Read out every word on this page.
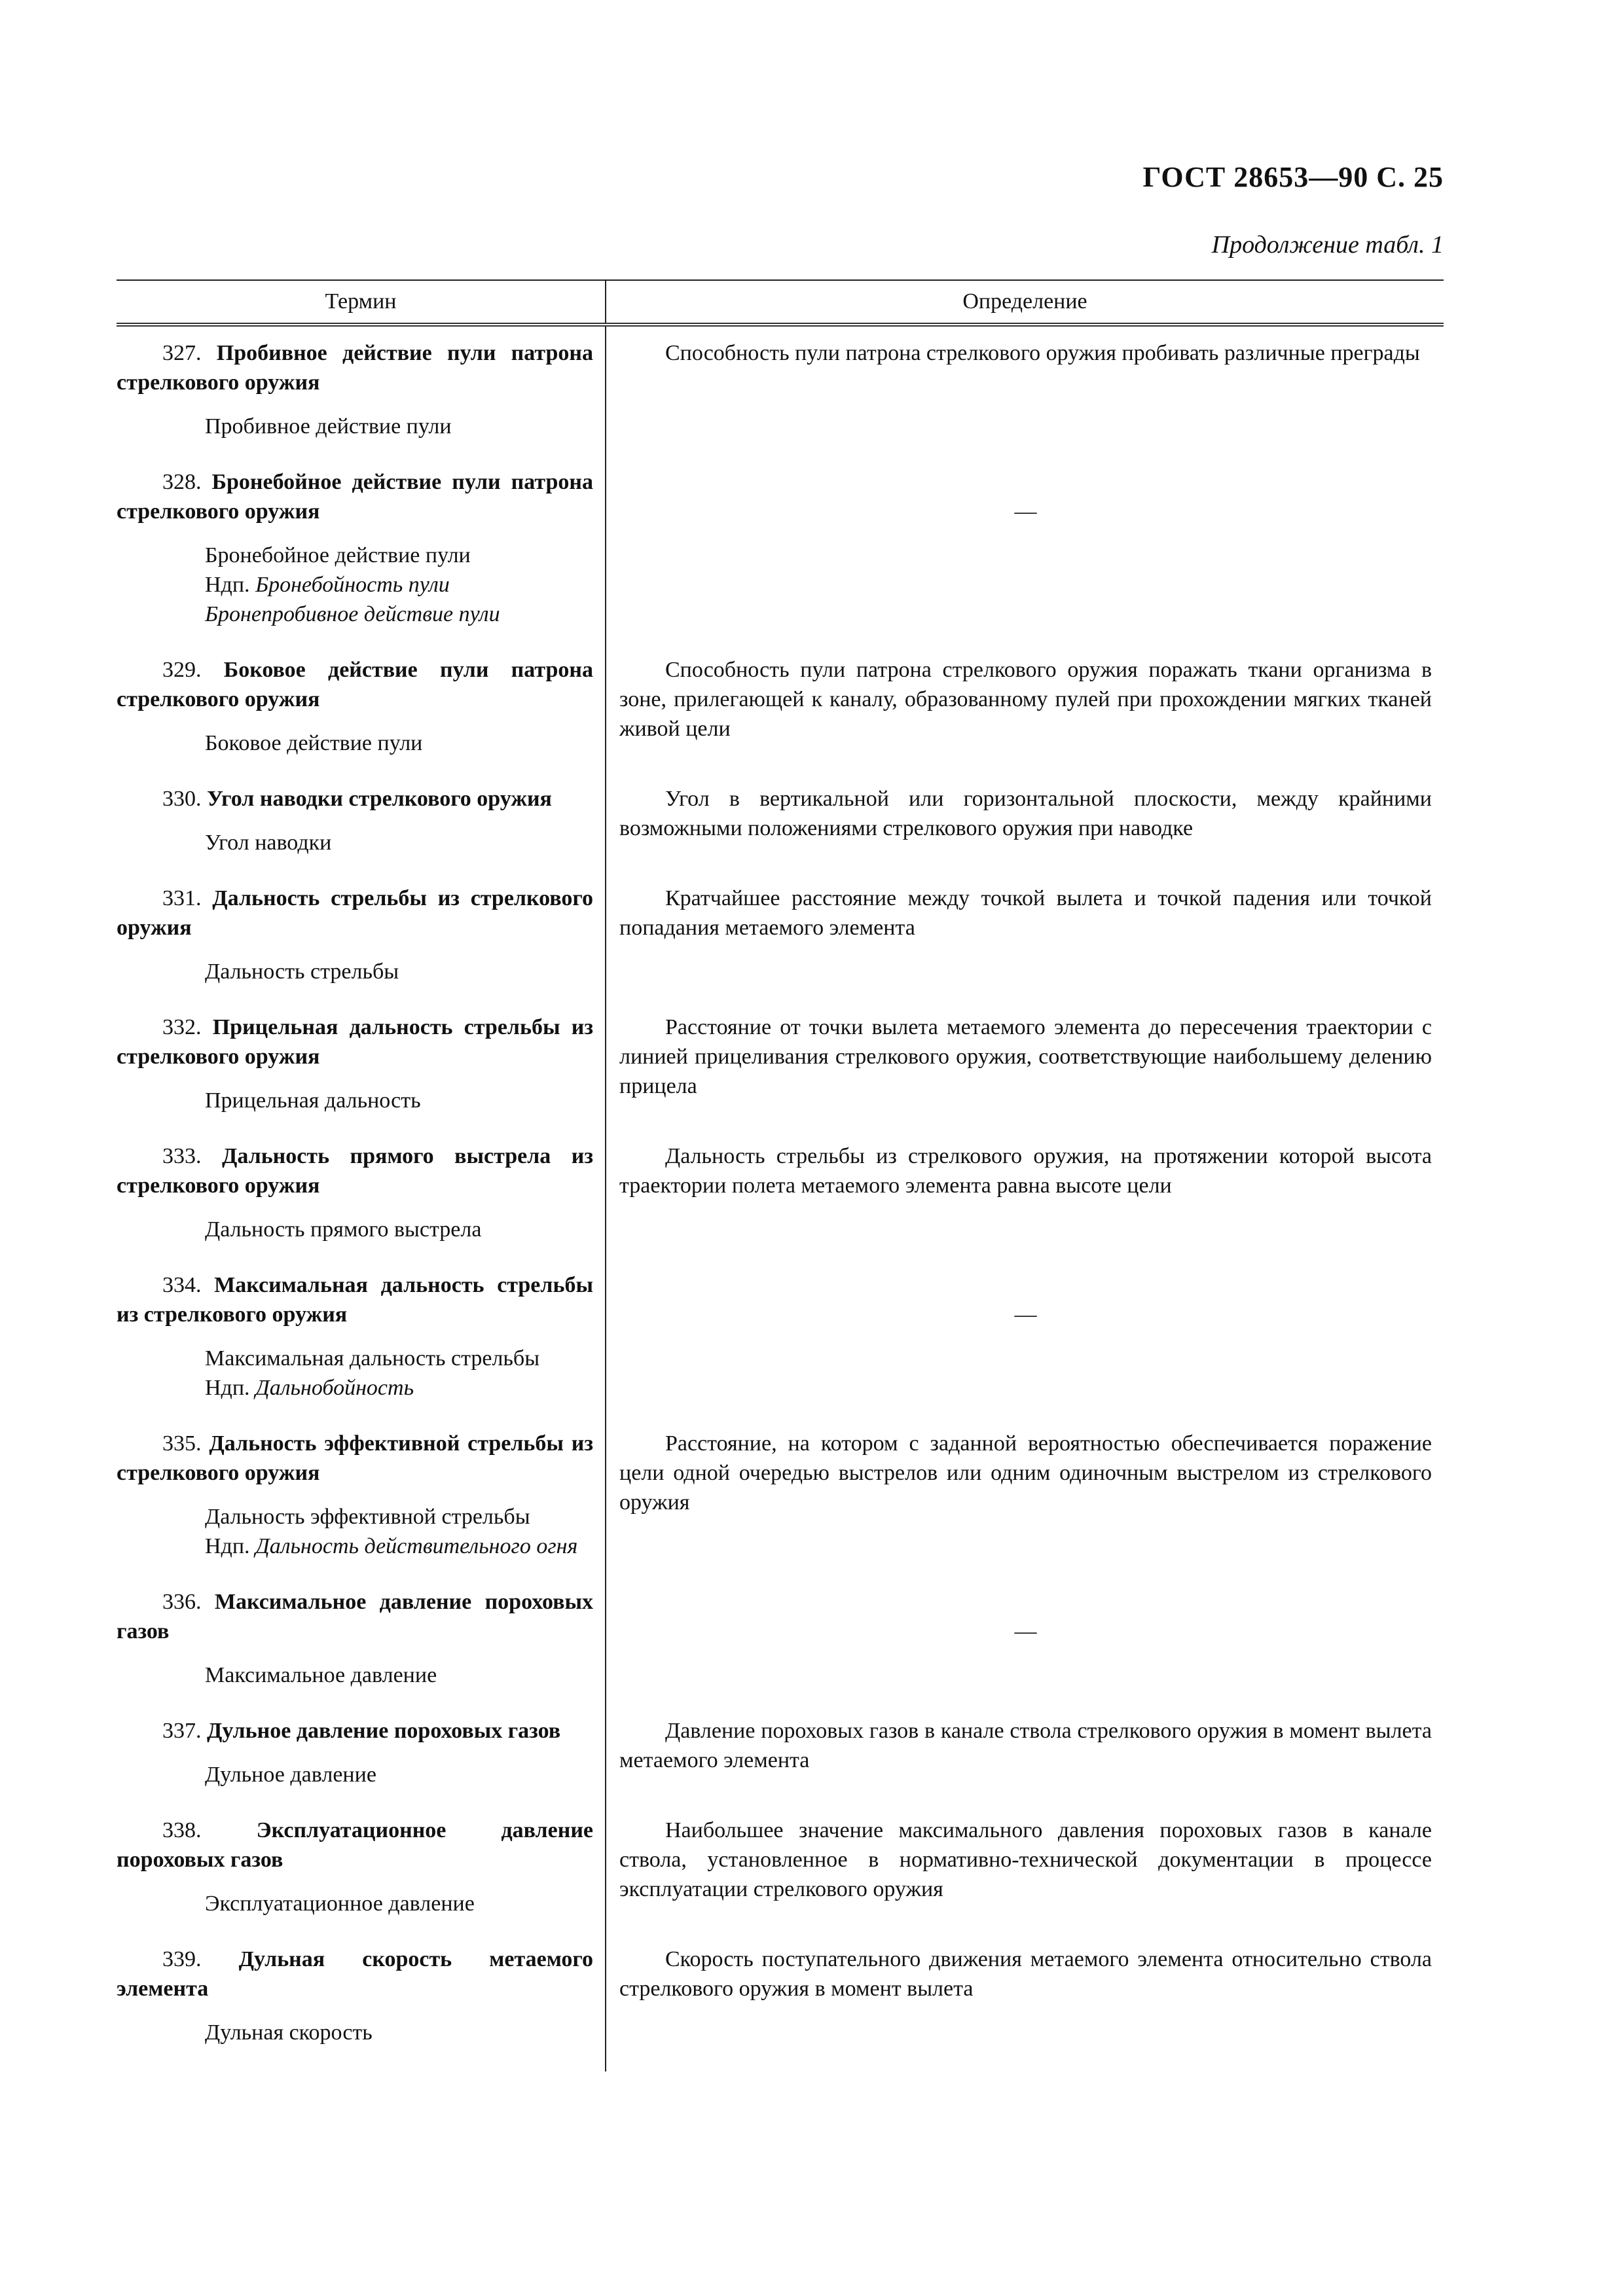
ГОСТ 28653—90 С. 25
Продолжение табл. 1
Термин	Определение

327. Пробивное действие пули патрона стрелкового оружия

Пробивное действие пули

Способность пули патрона стрелкового оружия пробивать различные преграды

328. Бронебойное действие пули патрона стрелкового оружия

Бронебойное действие пули
Ндп. Бронебойность пули
Бронепробивное действие пули

—

329. Боковое действие пули патрона стрелкового оружия

Боковое действие пули

Способность пули патрона стрелкового оружия поражать ткани организма в зоне, прилегающей к каналу, образованному пулей при прохождении мягких тканей живой цели

330. Угол наводки стрелкового оружия

Угол наводки

Угол в вертикальной или горизонтальной плоскости, между крайними возможными положениями стрелкового оружия при наводке

331. Дальность стрельбы из стрелкового оружия

Дальность стрельбы

Кратчайшее расстояние между точкой вылета и точкой падения или точкой попадания метаемого элемента

332. Прицельная дальность стрельбы из стрелкового оружия

Прицельная дальность

Расстояние от точки вылета метаемого элемента до пересечения траектории с линией прицеливания стрелкового оружия, соответствующие наибольшему делению прицела

333. Дальность прямого выстрела из стрелкового оружия

Дальность прямого выстрела

Дальность стрельбы из стрелкового оружия, на протяжении которой высота траектории полета метаемого элемента равна высоте цели

334. Максимальная дальность стрельбы из стрелкового оружия

Максимальная дальность стрельбы
Ндп. Дальнобойность

—

335. Дальность эффективной стрельбы из стрелкового оружия

Дальность эффективной стрельбы
Ндп. Дальность действительного огня

Расстояние, на котором с заданной вероятностью обеспечивается поражение цели одной очередью выстрелов или одним одиночным выстрелом из стрелкового оружия

336. Максимальное давление пороховых газов

Максимальное давление

—

337. Дульное давление пороховых газов

Дульное давление

Давление пороховых газов в канале ствола стрелкового оружия в момент вылета метаемого элемента

338. Эксплуатационное давление пороховых газов

Эксплуатационное давление

Наибольшее значение максимального давления пороховых газов в канале ствола, установленное в нормативно-технической документации в процессе эксплуатации стрелкового оружия

339. Дульная скорость метаемого элемента

Дульная скорость

Скорость поступательного движения метаемого элемента относительно ствола стрелкового оружия в момент вылета
